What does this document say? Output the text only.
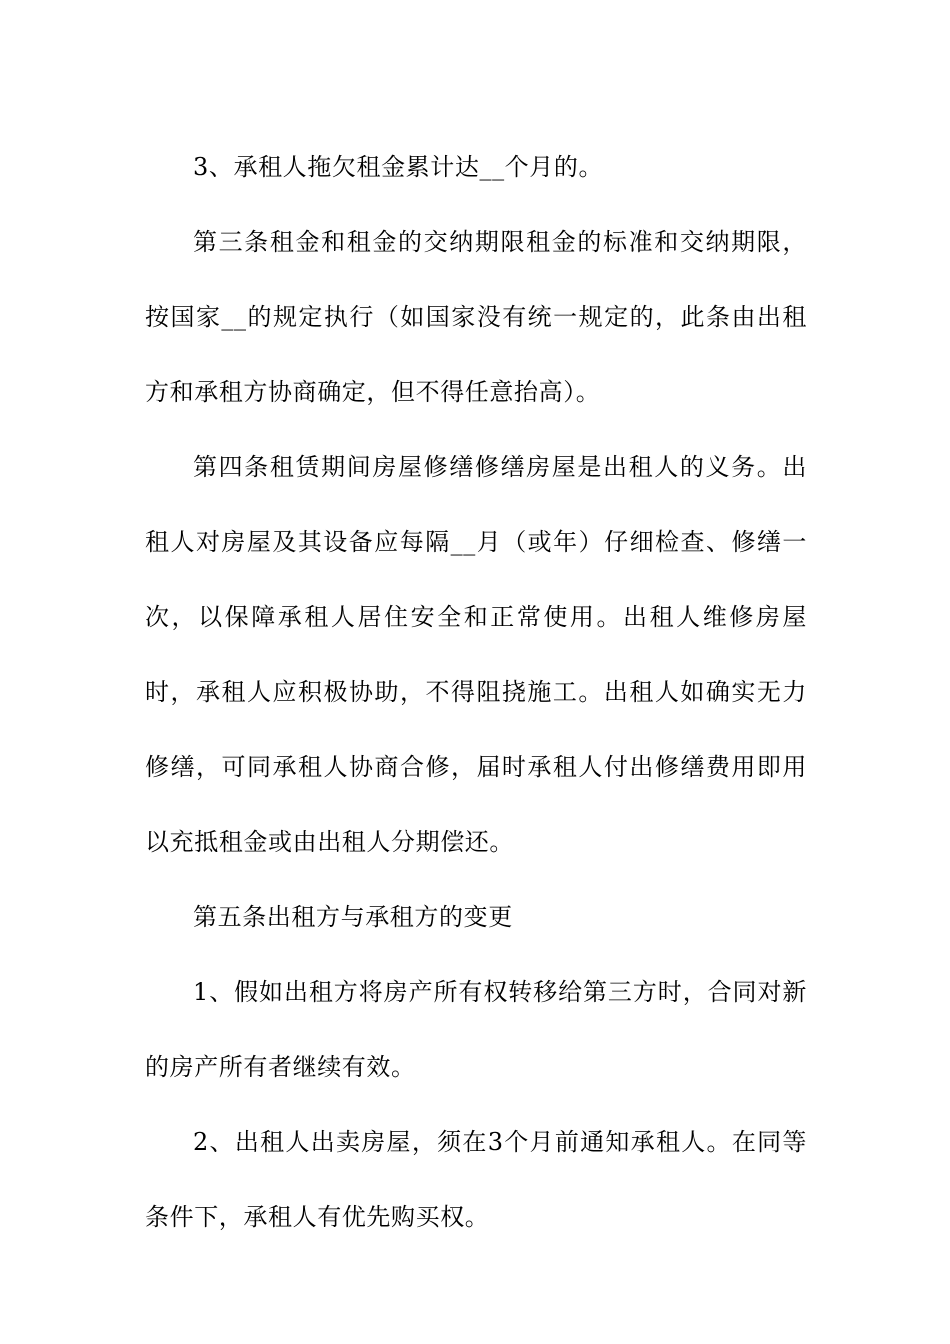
3、承租人拖欠租金累计达__个月的。

第三条租金和租金的交纳期限租金的标准和交纳期限，按国家__的规定执行（如国家没有统一规定的，此条由出租方和承租方协商确定，但不得任意抬高）。

第四条租赁期间房屋修缮修缮房屋是出租人的义务。出租人对房屋及其设备应每隔__月（或年）仔细检查、修缮一次，以保障承租人居住安全和正常使用。出租人维修房屋时，承租人应积极协助，不得阻挠施工。出租人如确实无力修缮，可同承租人协商合修，届时承租人付出修缮费用即用以充抵租金或由出租人分期偿还。

第五条出租方与承租方的变更

1、假如出租方将房产所有权转移给第三方时，合同对新的房产所有者继续有效。

2、出租人出卖房屋，须在3个月前通知承租人。在同等条件下，承租人有优先购买权。
